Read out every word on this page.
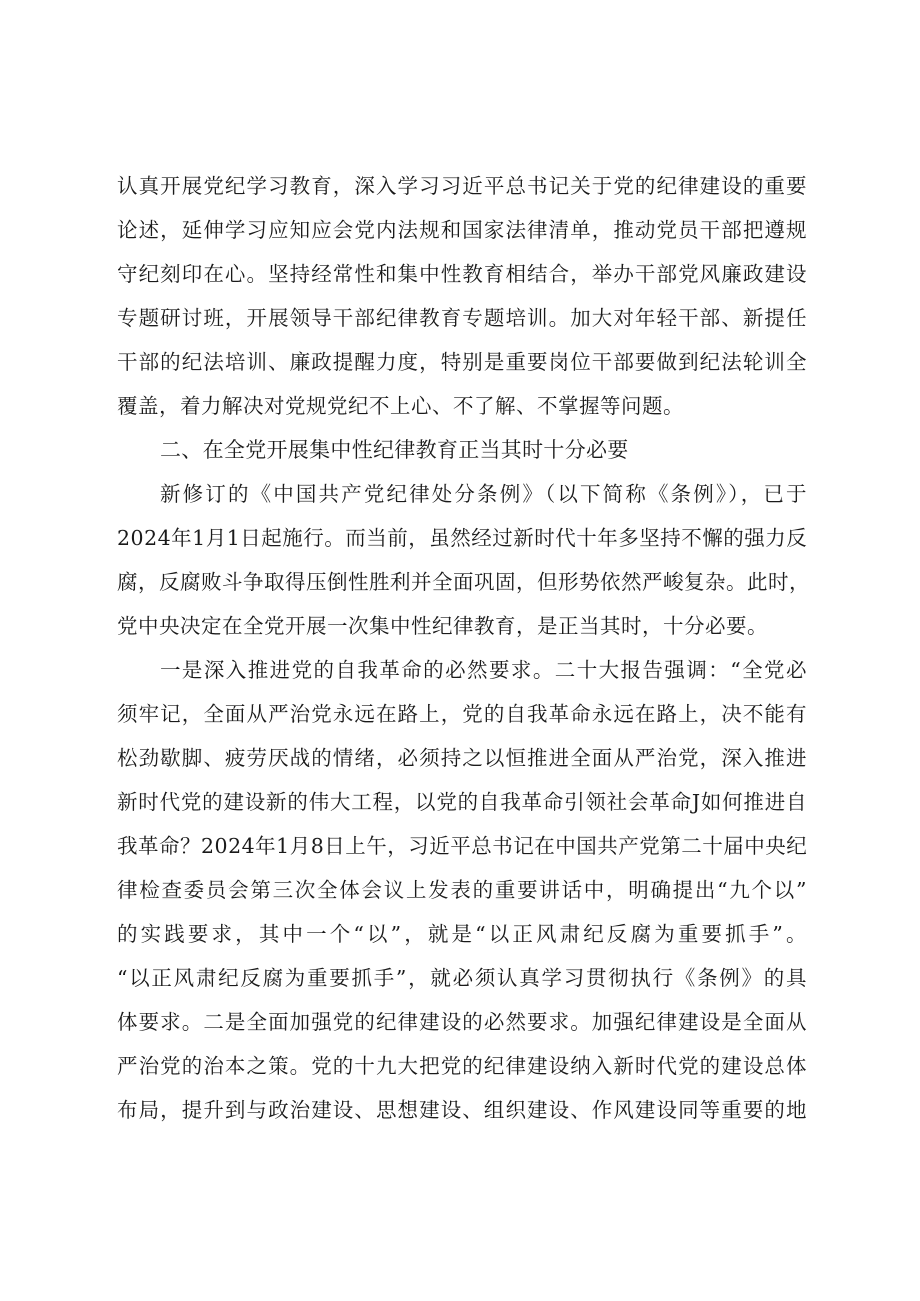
认真开展党纪学习教育，深入学习习近平总书记关于党的纪律建设的重要
论述，延伸学习应知应会党内法规和国家法律清单，推动党员干部把遵规
守纪刻印在心。坚持经常性和集中性教育相结合，举办干部党风廉政建设
专题研讨班，开展领导干部纪律教育专题培训。加大对年轻干部、新提任
干部的纪法培训、廉政提醒力度，特别是重要岗位干部要做到纪法轮训全
覆盖，着力解决对党规党纪不上心、不了解、不掌握等问题。
二、在全党开展集中性纪律教育正当其时十分必要
新修订的《中国共产党纪律处分条例》（以下简称《条例》），已于
2024年1月1日起施行。而当前，虽然经过新时代十年多坚持不懈的强力反
腐，反腐败斗争取得压倒性胜利并全面巩固，但形势依然严峻复杂。此时，
党中央决定在全党开展一次集中性纪律教育，是正当其时，十分必要。
一是深入推进党的自我革命的必然要求。二十大报告强调：“全党必
须牢记，全面从严治党永远在路上，党的自我革命永远在路上，决不能有
松劲歇脚、疲劳厌战的情绪，必须持之以恒推进全面从严治党，深入推进
新时代党的建设新的伟大工程，以党的自我革命引领社会革命J如何推进自
我革命？2024年1月8日上午，习近平总书记在中国共产党第二十届中央纪
律检查委员会第三次全体会议上发表的重要讲话中，明确提出“九个以”
的实践要求，其中一个“以”，就是“以正风肃纪反腐为重要抓手”。
“以正风肃纪反腐为重要抓手”，就必须认真学习贯彻执行《条例》的具
体要求。二是全面加强党的纪律建设的必然要求。加强纪律建设是全面从
严治党的治本之策。党的十九大把党的纪律建设纳入新时代党的建设总体
布局，提升到与政治建设、思想建设、组织建设、作风建设同等重要的地
